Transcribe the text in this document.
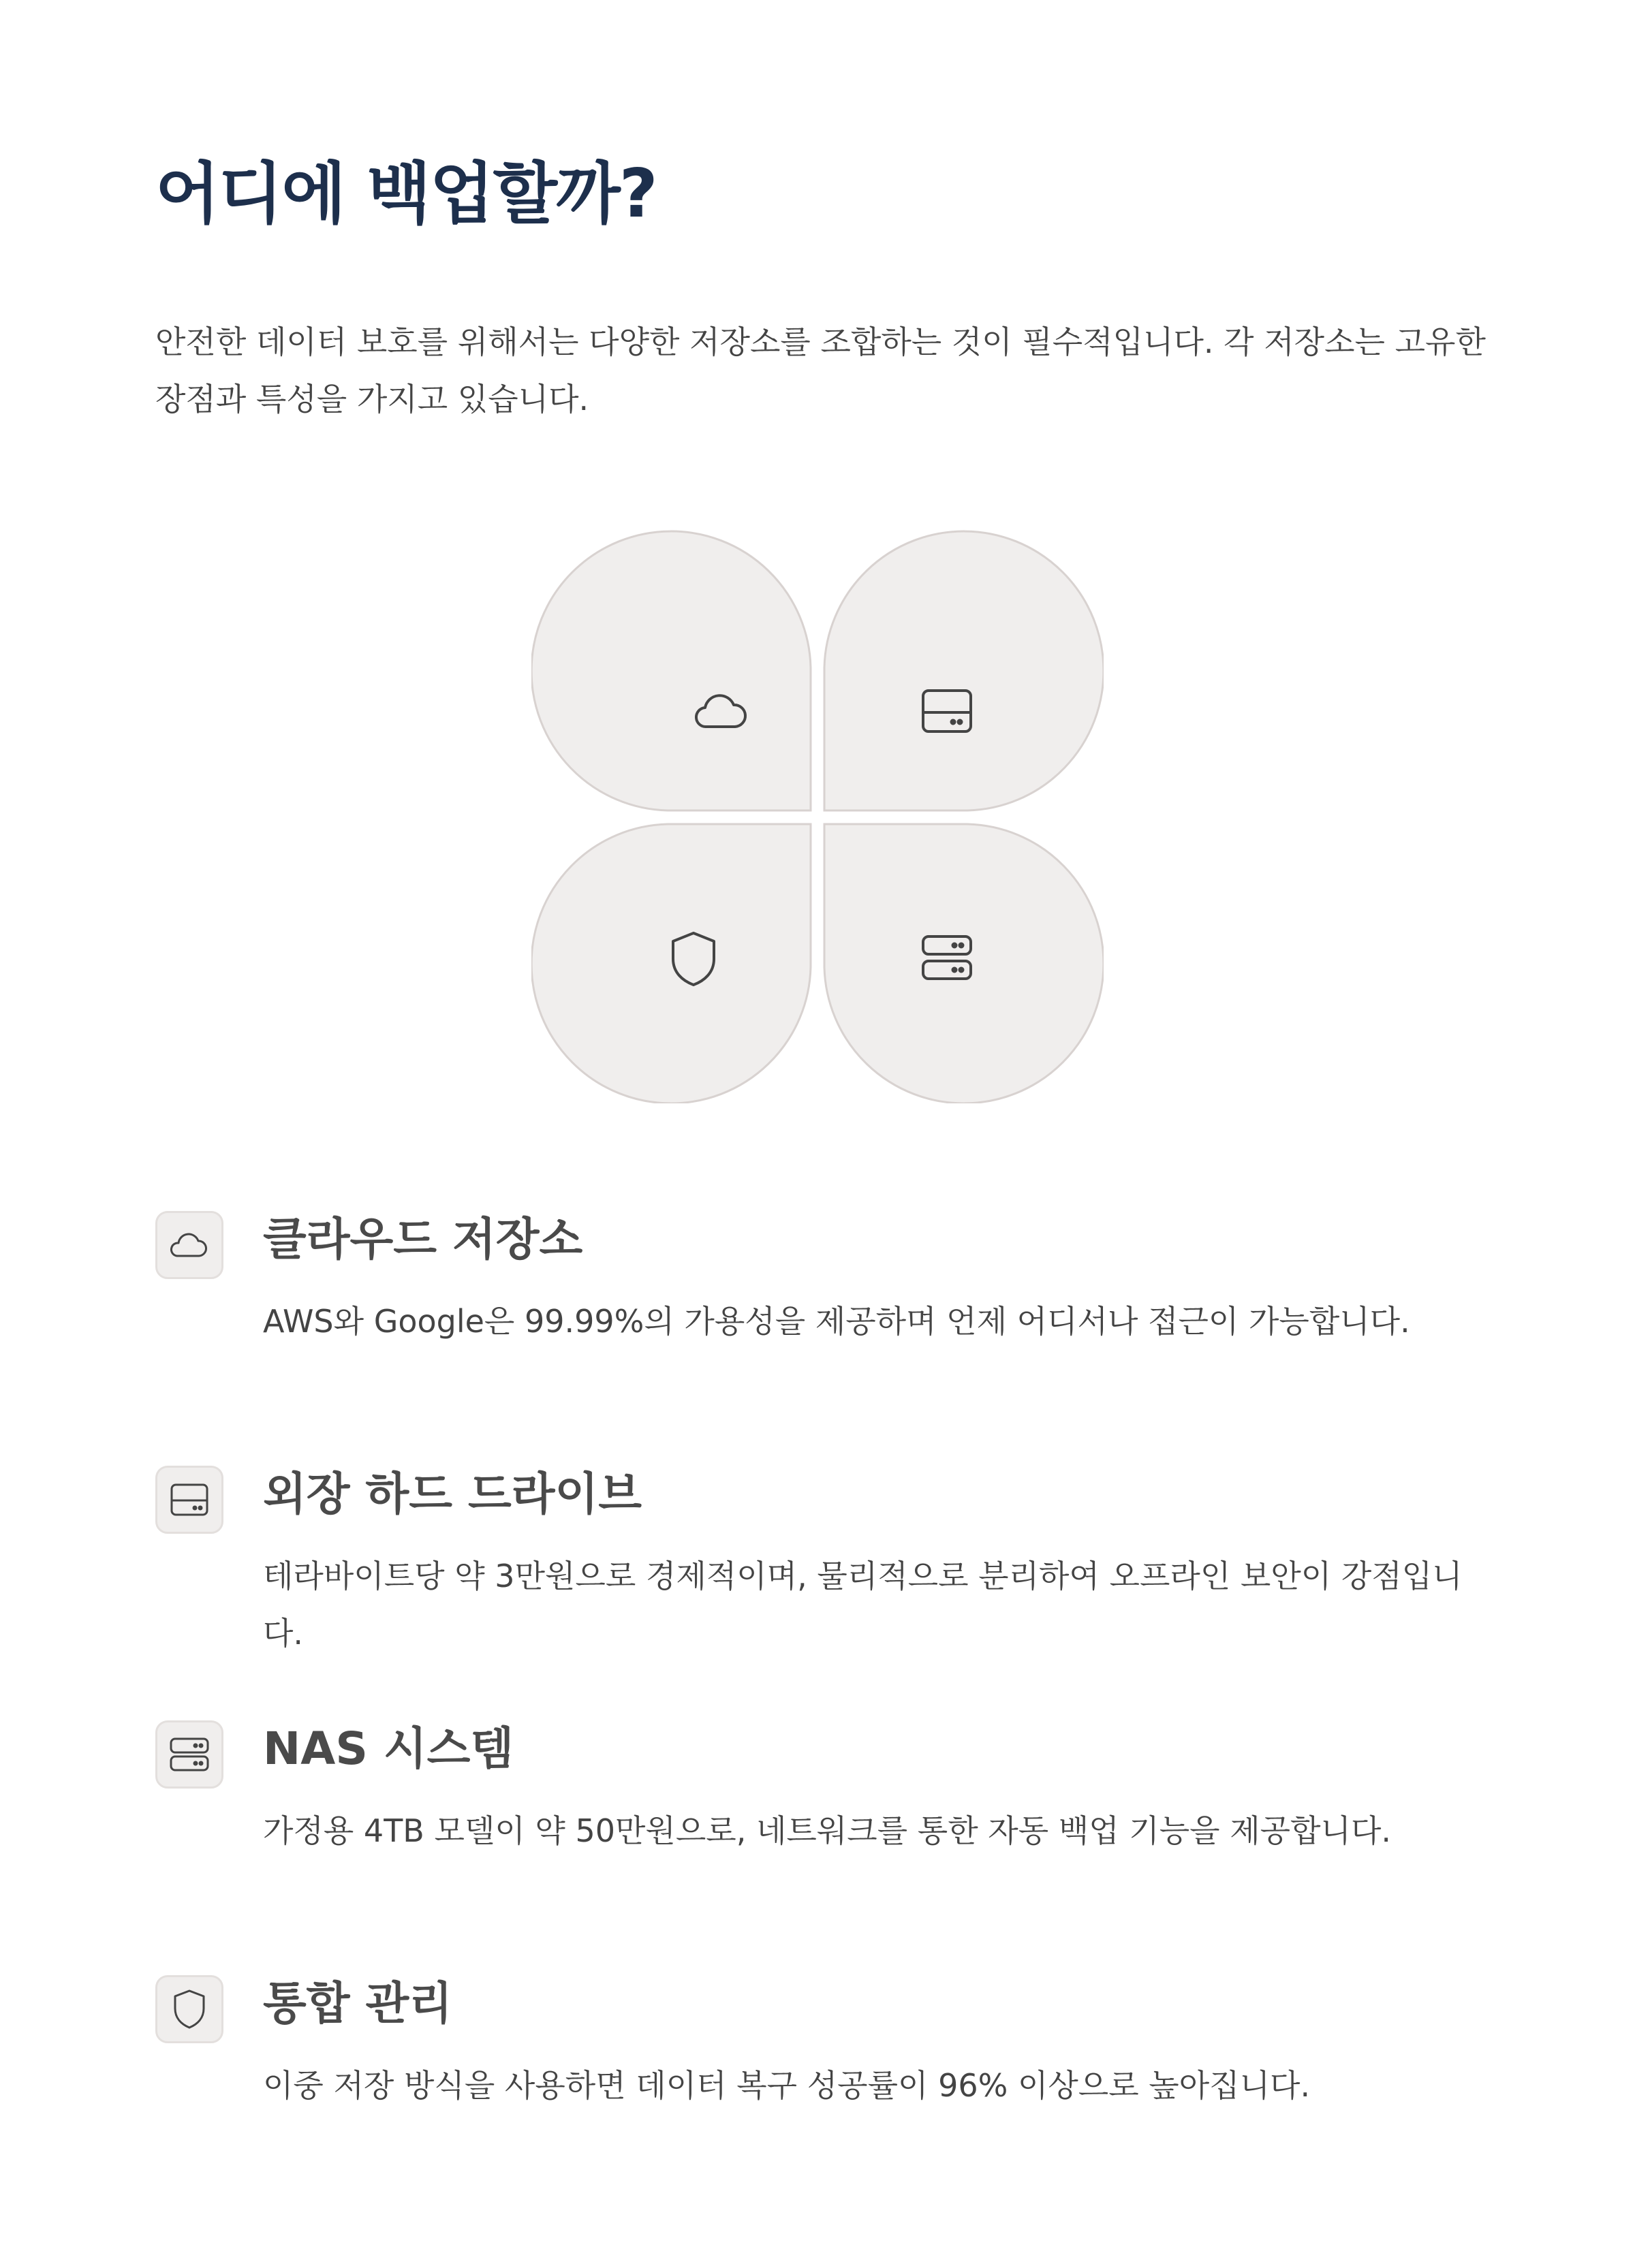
어디에 백업할까?

안전한 데이터 보호를 위해서는 다양한 저장소를 조합하는 것이 필수적입니다. 각 저장소는 고유한 장점과 특성을 가지고 있습니다.

클라우드 저장소

AWS와 Google은 99.99%의 가용성을 제공하며 언제 어디서나 접근이 가능합니다.

외장 하드 드라이브

테라바이트당 약 3만원으로 경제적이며, 물리적으로 분리하여 오프라인 보안이 강점입니다.

NAS 시스템

가정용 4TB 모델이 약 50만원으로, 네트워크를 통한 자동 백업 기능을 제공합니다.

통합 관리

이중 저장 방식을 사용하면 데이터 복구 성공률이 96% 이상으로 높아집니다.
